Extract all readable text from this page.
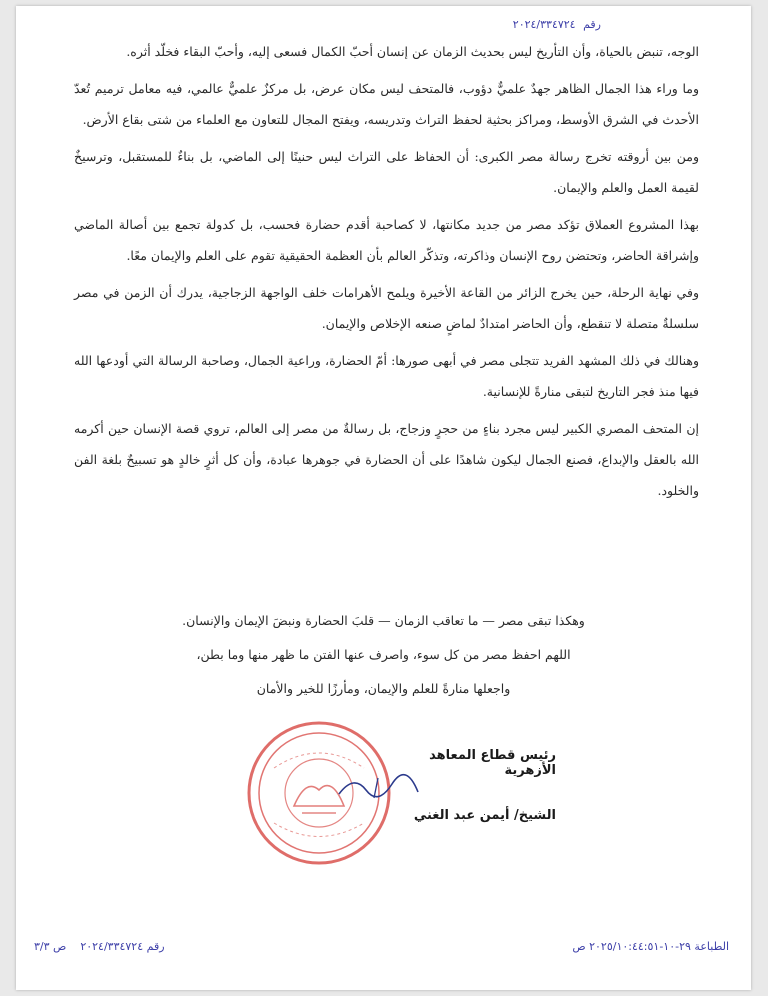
رقم ٢٠٢٤/٣٣٤٧٢٤

الوجه، تنبض بالحياة، وأن التأريخ ليس بحديث الزمان عن إنسان أحبّ الكمال فسعى إليه، وأحبّ البقاء فخلّد أثره.

وما وراء هذا الجمال الظاهر جهدٌ علميٌّ دؤوب، فالمتحف ليس مكان عرض، بل مركزٌ علميٌّ عالمي، فيه معامل ترميم تُعدّ الأحدث في الشرق الأوسط، ومراكز بحثية لحفظ التراث وتدريسه، ويفتح المجال للتعاون مع العلماء من شتى بقاع الأرض.

ومن بين أروقته تخرج رسالة مصر الكبرى: أن الحفاظ على التراث ليس حنينًا إلى الماضي، بل بناءٌ للمستقبل، وترسيخٌ لقيمة العمل والعلم والإيمان.

بهذا المشروع العملاق تؤكد مصر من جديد مكانتها، لا كصاحبة أقدم حضارة فحسب، بل كدولة تجمع بين أصالة الماضي وإشراقة الحاضر، وتحتضن روح الإنسان وذاكرته، وتذكّر العالم بأن العظمة الحقيقية تقوم على العلم والإيمان معًا.

وفي نهاية الرحلة، حين يخرج الزائر من القاعة الأخيرة ويلمح الأهرامات خلف الواجهة الزجاجية، يدرك أن الزمن في مصر سلسلةٌ متصلة لا تنقطع، وأن الحاضر امتدادٌ لماضٍ صنعه الإخلاص والإيمان.

وهنالك في ذلك المشهد الفريد تتجلى مصر في أبهى صورها: أمّ الحضارة، وراعية الجمال، وصاحبة الرسالة التي أودعها الله فيها منذ فجر التاريخ لتبقى منارةً للإنسانية.

إن المتحف المصري الكبير ليس مجرد بناءٍ من حجرٍ وزجاج، بل رسالةٌ من مصر إلى العالم، تروي قصة الإنسان حين أكرمه الله بالعقل والإبداع، فصنع الجمال ليكون شاهدًا على أن الحضارة في جوهرها عبادة، وأن كل أثرٍ خالدٍ هو تسبيحٌ بلغة الفن والخلود.

وهكذا تبقى مصر — ما تعاقب الزمان — قلبَ الحضارة ونبضَ الإيمان والإنسان.
اللهم احفظ مصر من كل سوء، واصرف عنها الفتن ما ظهر منها وما بطن،
واجعلها منارةً للعلم والإيمان، ومأرزًا للخير والأمان
رئيس قطاع المعاهد الأزهرية
الشيخ/ أيمن عبد الغني
رقم ٢٠٢٤/٣٣٤٧٢٤    ص ٣/٣	الطباعة ٢٩-١٠-٢٠٢٥/١٠:٤٤:٥١ ص
